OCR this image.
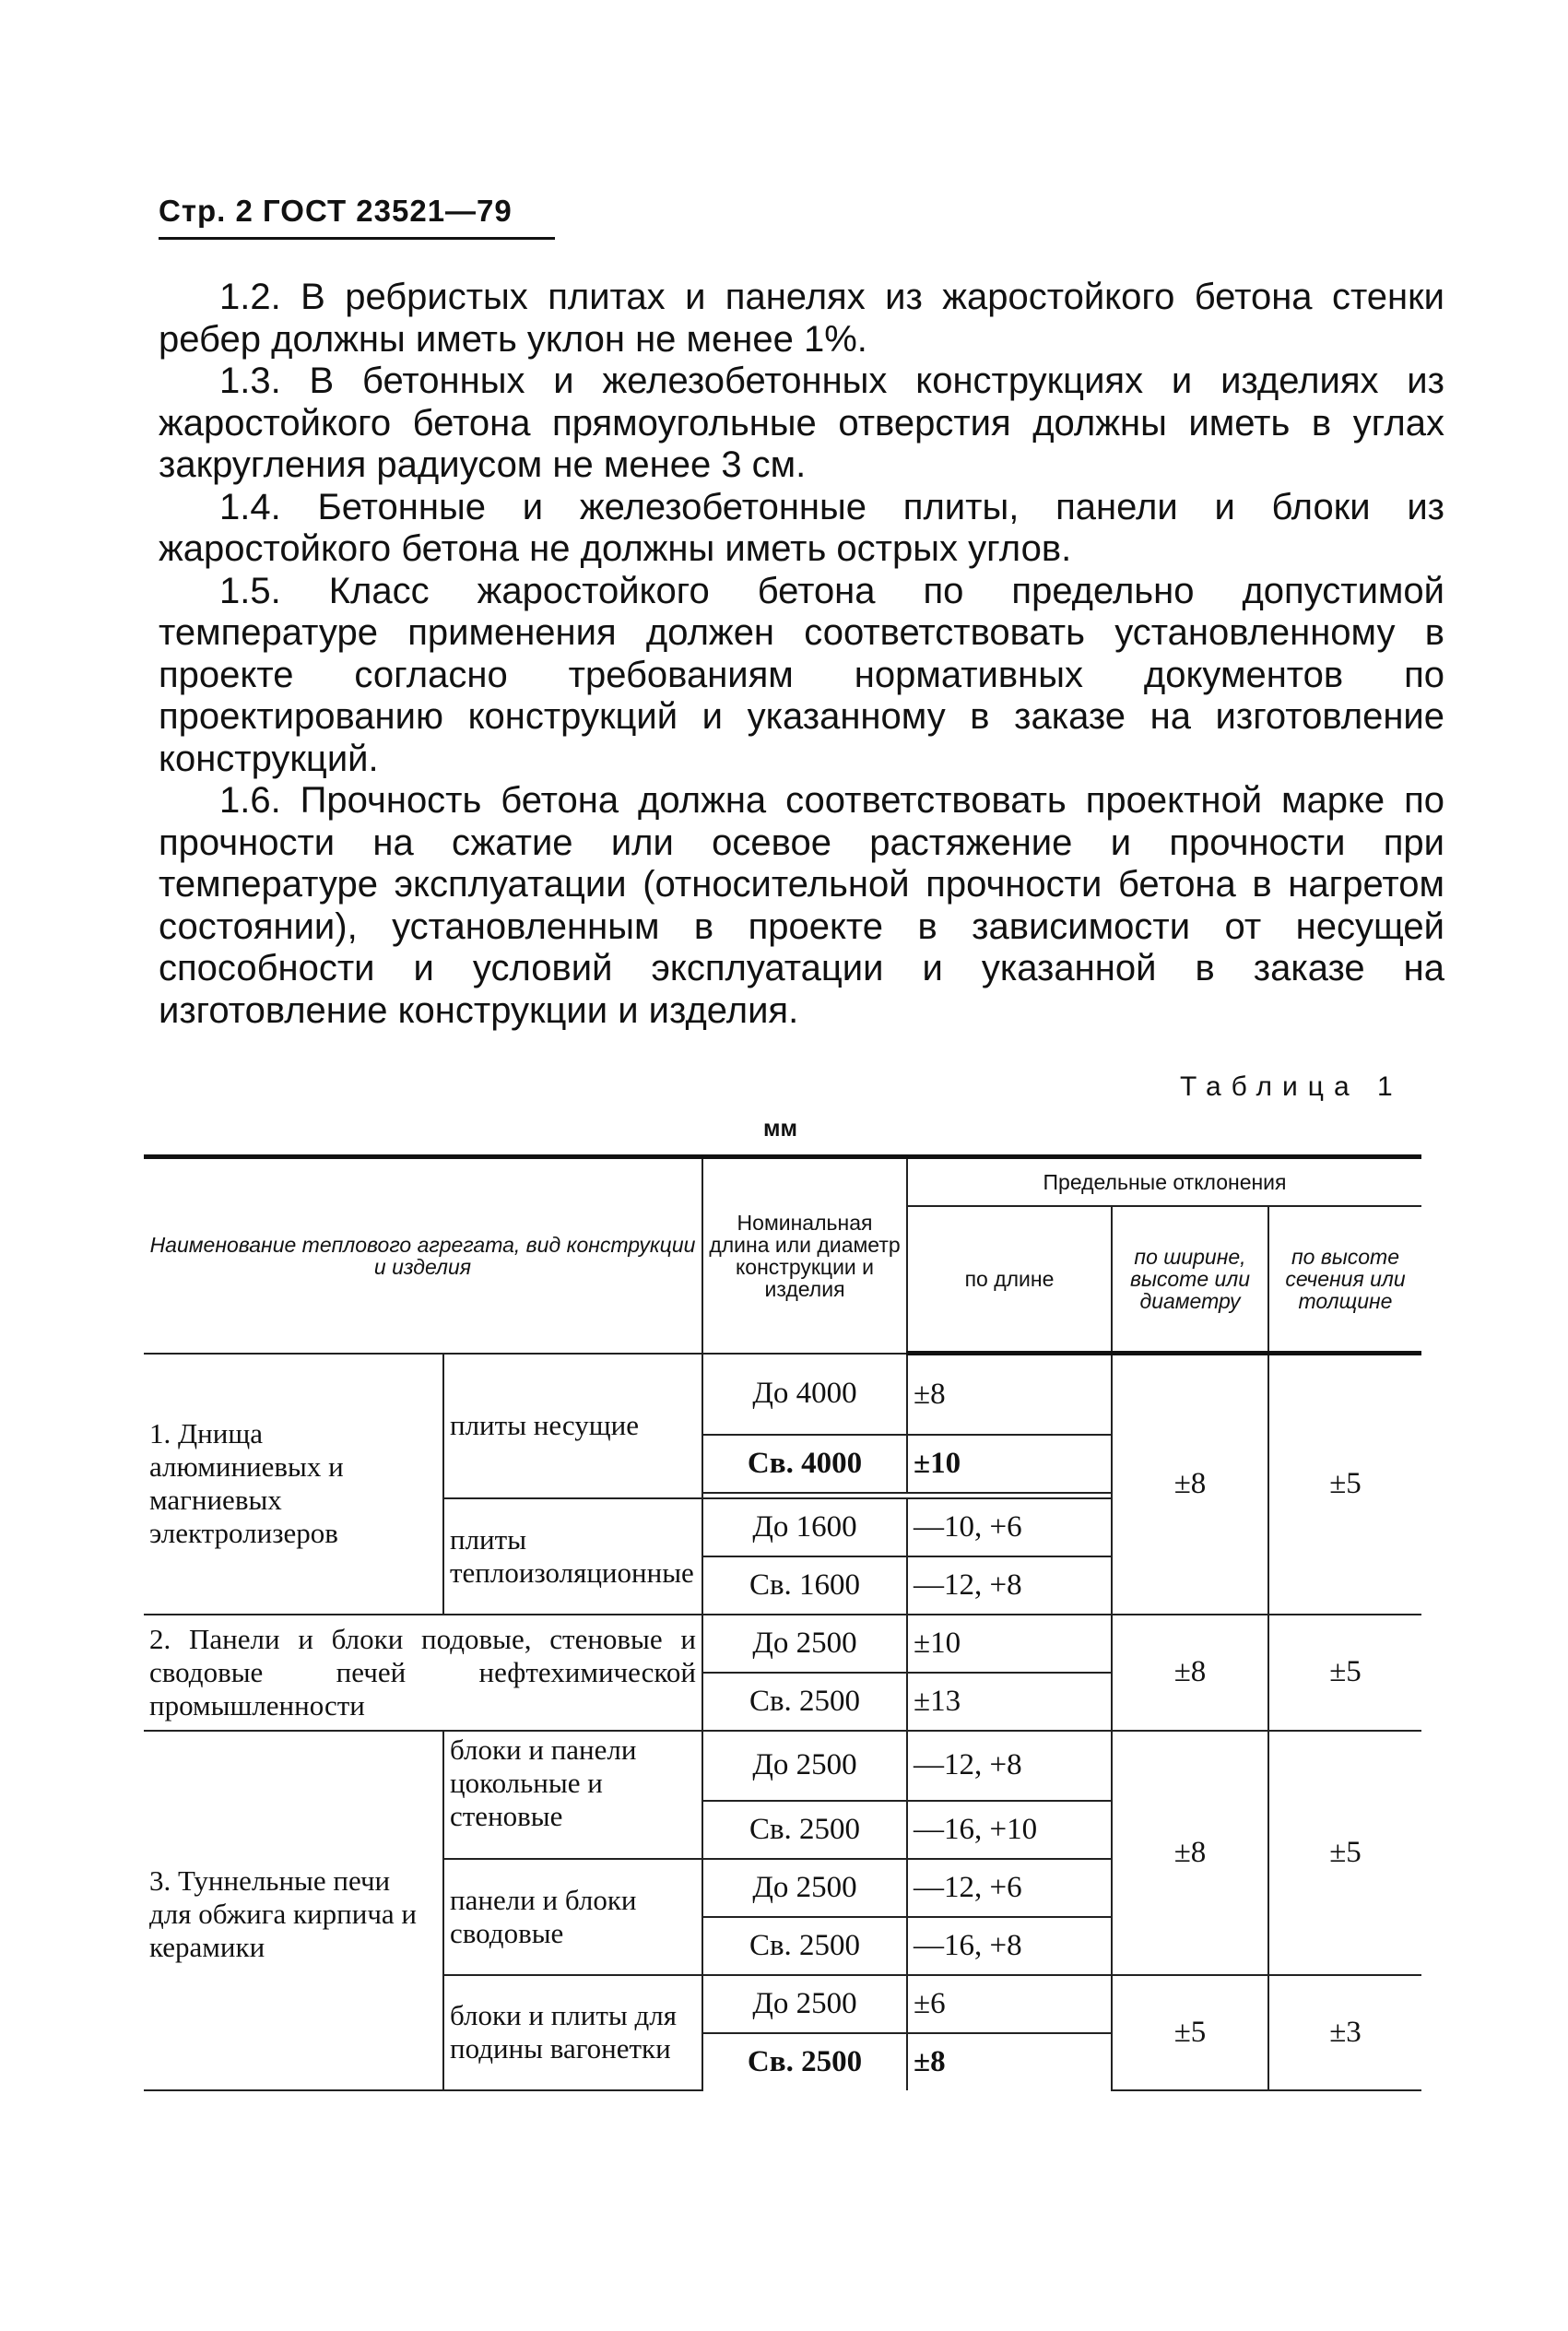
Стр. 2 ГОСТ 23521—79

1.2. В ребристых плитах и панелях из жаростойкого бетона стенки ребер должны иметь уклон не менее 1%.

1.3. В бетонных и железобетонных конструкциях и изделиях из жаростойкого бетона прямоугольные отверстия должны иметь в углах закругления радиусом не менее 3 см.

1.4. Бетонные и железобетонные плиты, панели и блоки из жаростойкого бетона не должны иметь острых углов.

1.5. Класс жаростойкого бетона по предельно допустимой температуре применения должен соответствовать установленному в проекте согласно требованиям нормативных документов по проектированию конструкций и указанному в заказе на изготовление конструкций.

1.6. Прочность бетона должна соответствовать проектной марке по прочности на сжатие или осевое растяжение и прочности при температуре эксплуатации (относительной прочности бетона в нагретом состоянии), установленным в проекте в зависимости от несущей способности и условий эксплуатации и указанной в заказе на изготовление конструкции и изделия.

Таблица 1
мм
Наименование теплового агрегата, вид конструкции и изделия		Номинальная длина или диаметр конструкции и изделия	Предельные отклонения		
			по длине	по ширине, высоте или диаметру	по высоте сечения или толщине
1. Днища алюминиевых и магниевых электролизеров	плиты несущие	До 4000	±8	±8	±5
		Св. 4000	±10		

	плиты теплоизоляционные	До 1600	—10, +6		
		Св. 1600	—12, +8		
2. Панели и блоки подовые, стеновые и сводовые печей нефтехимической промышленности		До 2500	±10	±8	±5
		Св. 2500	±13		
3. Туннельные печи для обжига кирпича и керамики	блоки и панели цокольные и стеновые	До 2500	—12, +8	±8	±5
		Св. 2500	—16, +10		
	панели и блоки сводовые	До 2500	—12, +6		
		Св. 2500	—16, +8		
	блоки и плиты для подины вагонетки	До 2500	±6	±5	±3
		Св. 2500	±8		
